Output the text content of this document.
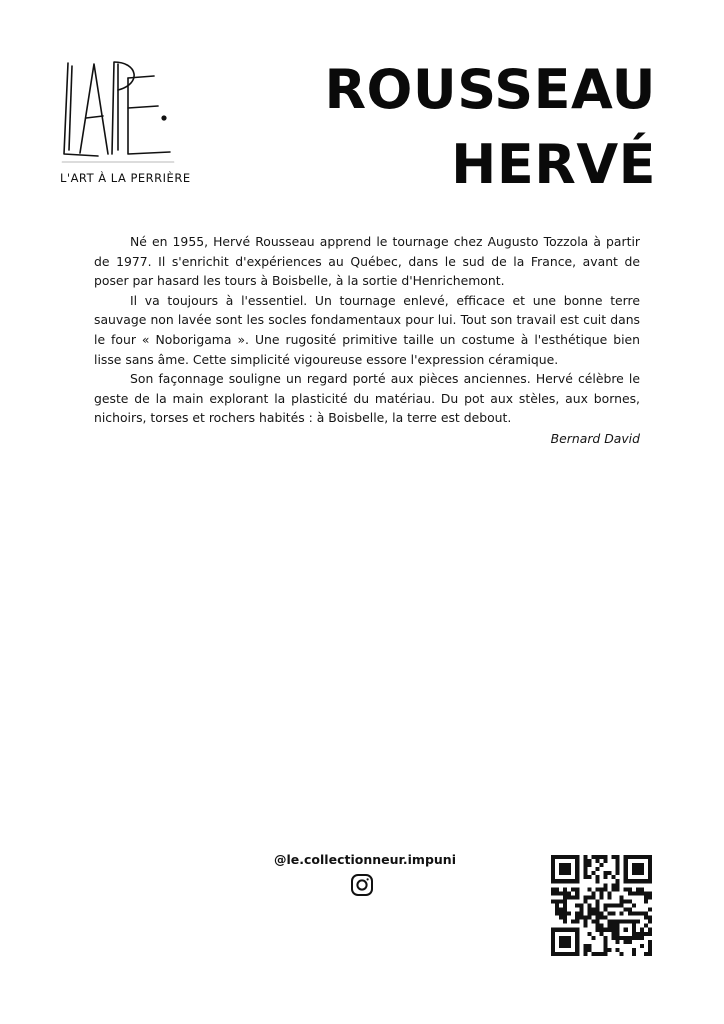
L'ART À LA PERRIÈRE
ROUSSEAU
HERVÉ

Né en 1955, Hervé Rousseau apprend le tournage chez Augusto Tozzola à partir de 1977. Il s'enrichit d'expériences au Québec, dans le sud de la France, avant de poser par hasard les tours à Boisbelle, à la sortie d'Henrichemont.

Il va toujours à l'essentiel. Un tournage enlevé, efficace et une bonne terre sauvage non lavée sont les socles fondamentaux pour lui. Tout son travail est cuit dans le four « Noborigama ». Une rugosité primitive taille un costume à l'esthétique bien lisse sans âme. Cette simplicité vigoureuse essore l'expression céramique.

Son façonnage souligne un regard porté aux pièces anciennes. Hervé célèbre le geste de la main explorant la plasticité du matériau. Du pot aux stèles, aux bornes, nichoirs, torses et rochers habités : à Boisbelle, la terre est debout.

Bernard David
@le.collectionneur.impuni
